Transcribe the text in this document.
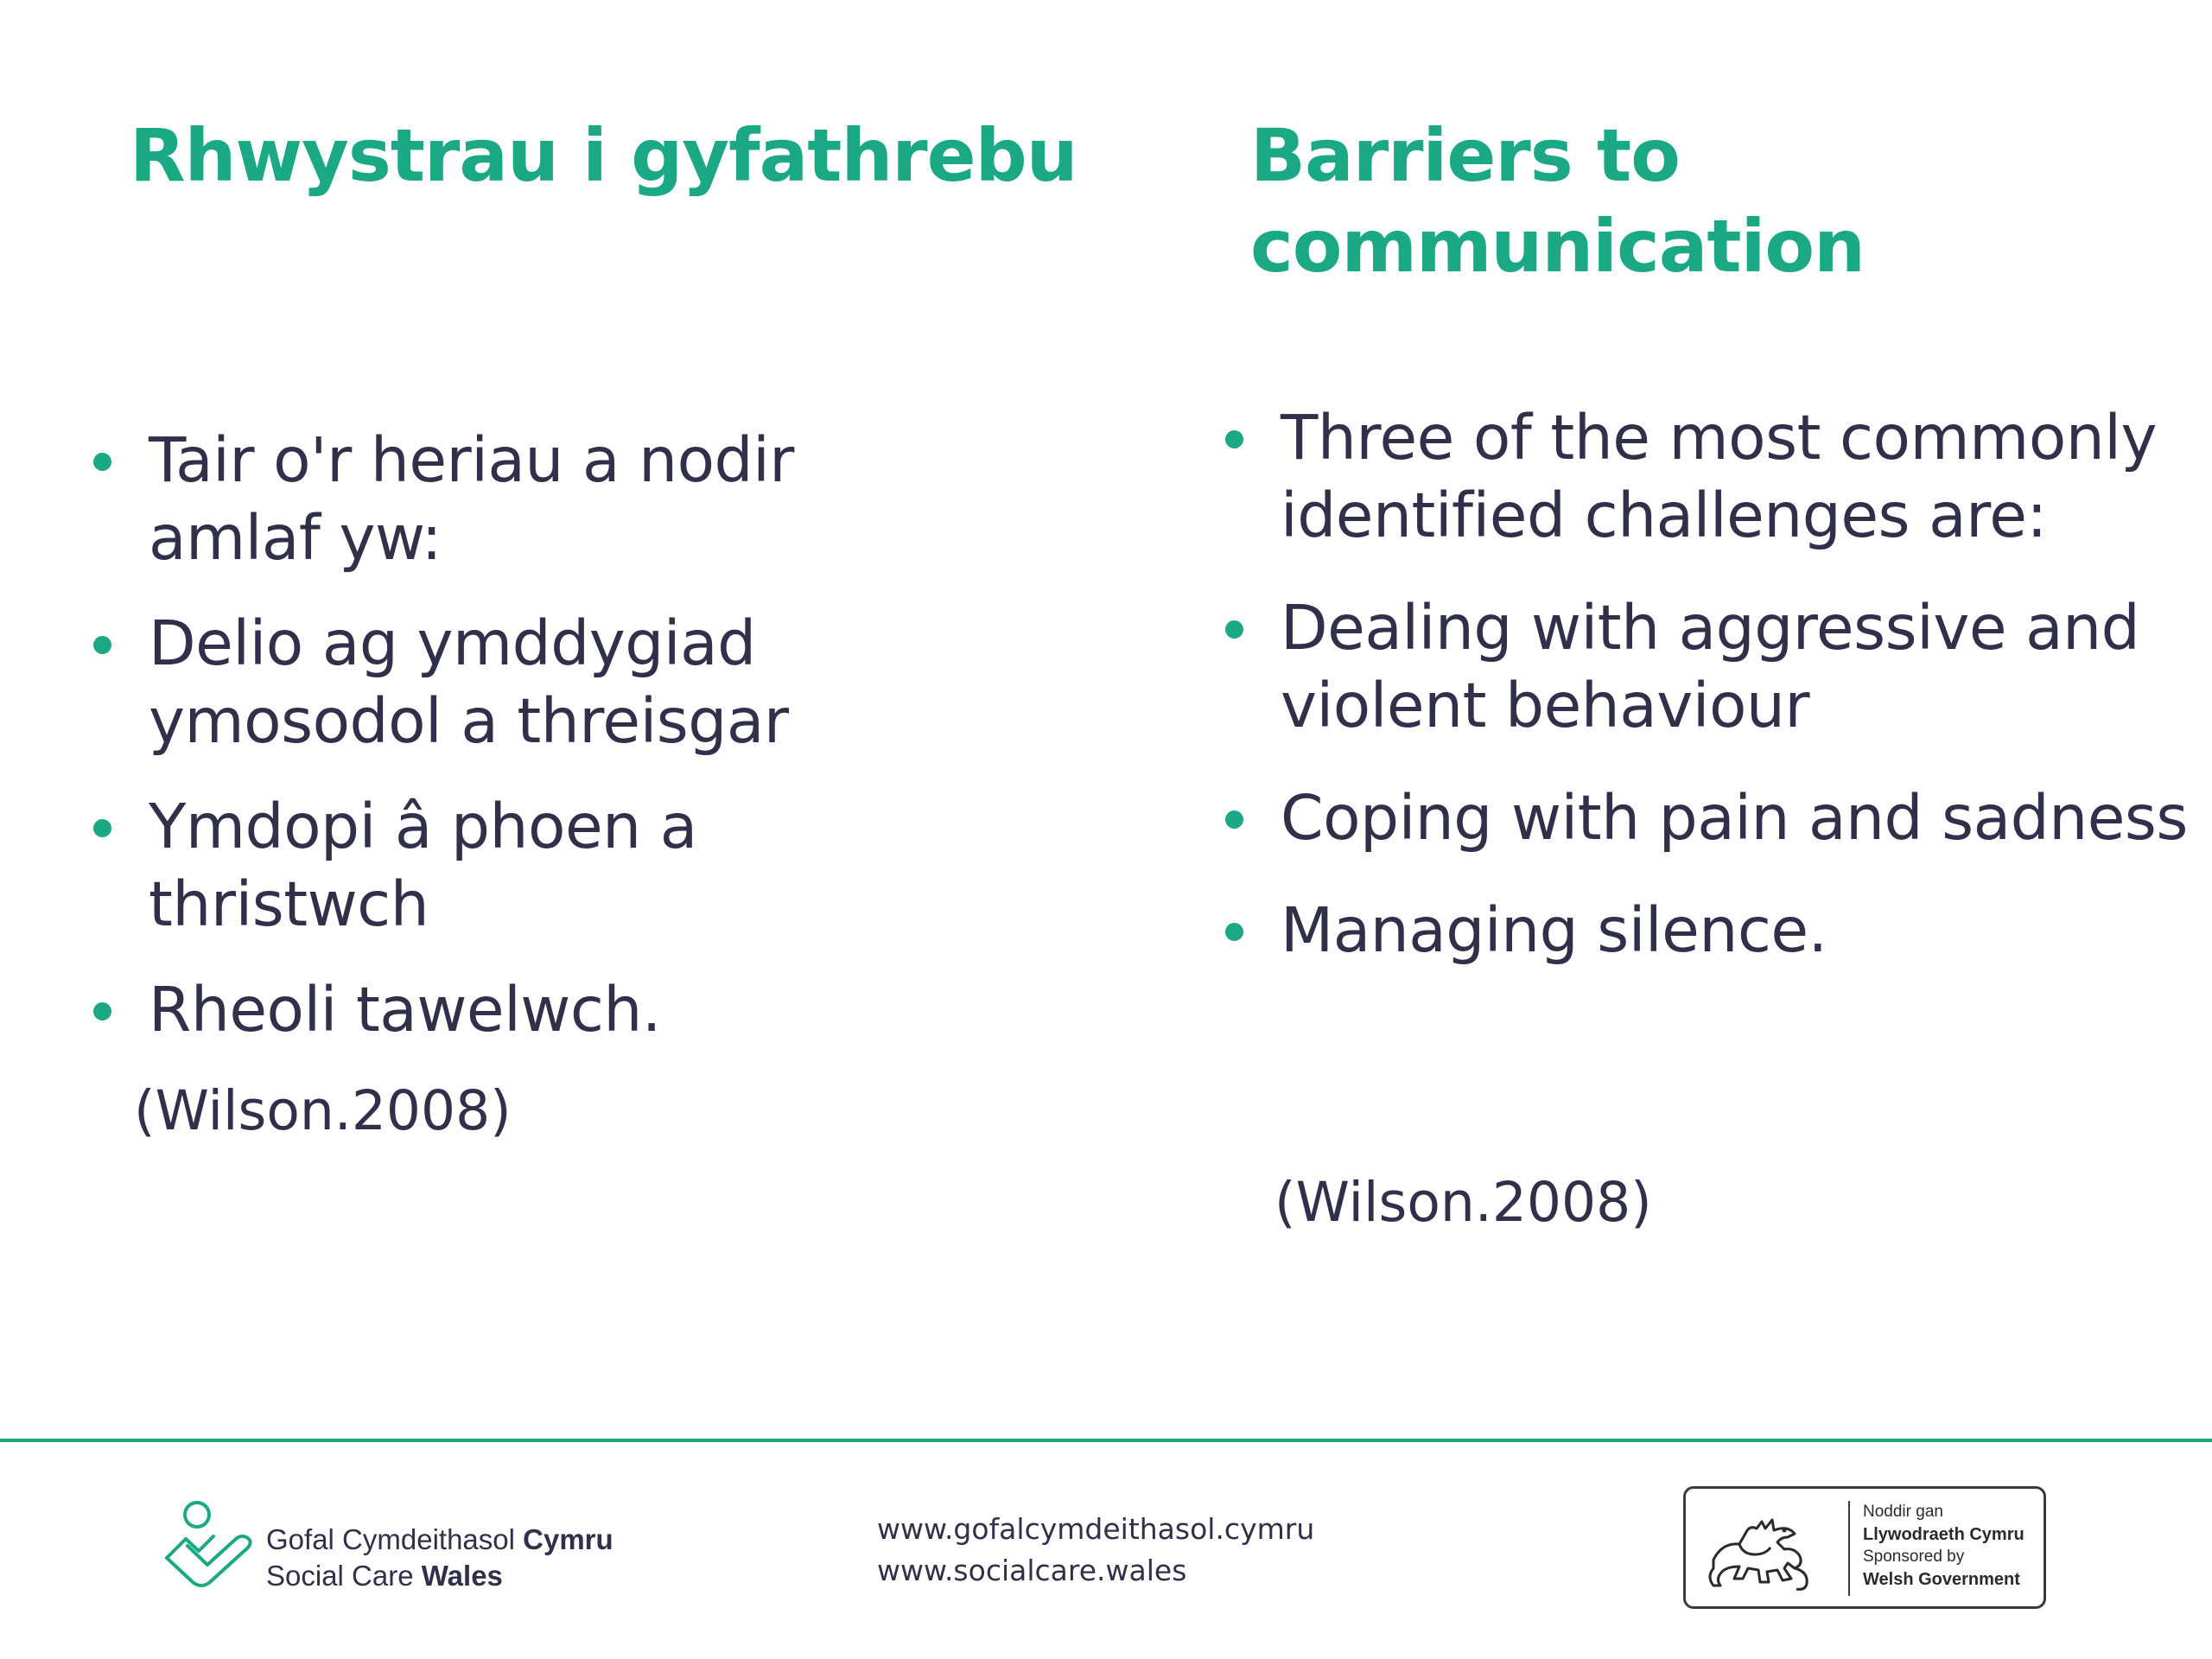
Rhwystrau i gyfathrebu
Tair o'r heriau a nodir amlaf yw:
Delio ag ymddygiad ymosodol a threisgar
Ymdopi â phoen a thristwch
Rheoli tawelwch.
(Wilson.2008)
Barriers to communication
Three of the most commonly identified challenges are:
Dealing with aggressive and violent behaviour
Coping with pain and sadness
Managing silence.
(Wilson.2008)
Gofal Cymdeithasol Cymru
Social Care Wales
www.gofalcymdeithasol.cymru
www.socialcare.wales
Noddir gan
Llywodraeth Cymru
Sponsored by
Welsh Government
